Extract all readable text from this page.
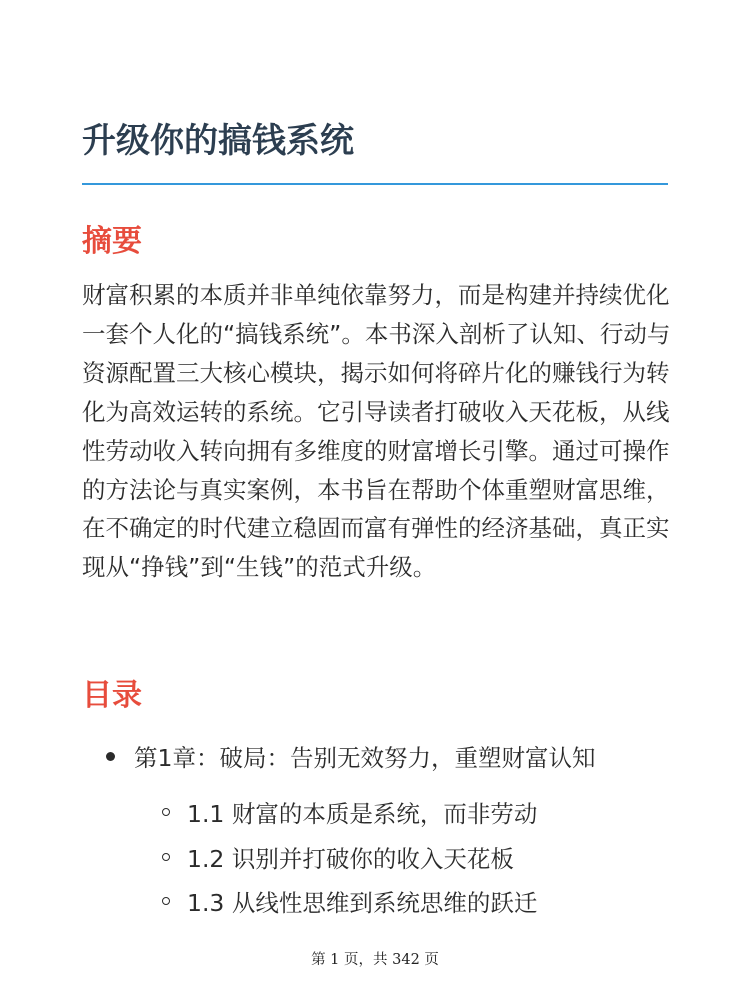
升级你的搞钱系统
摘要

财富积累的本质并非单纯依靠努力，而是构建并持续优化一套个人化的“搞钱系统”。本书深入剖析了认知、行动与资源配置三大核心模块，揭示如何将碎片化的赚钱行为转化为高效运转的系统。它引导读者打破收入天花板，从线性劳动收入转向拥有多维度的财富增长引擎。通过可操作的方法论与真实案例，本书旨在帮助个体重塑财富思维，在不确定的时代建立稳固而富有弹性的经济基础，真正实现从“挣钱”到“生钱”的范式升级。

目录
第1章：破局：告别无效努力，重塑财富认知
1.1 财富的本质是系统，而非劳动
1.2 识别并打破你的收入天花板
1.3 从线性思维到系统思维的跃迁
第 1 页，共 342 页
